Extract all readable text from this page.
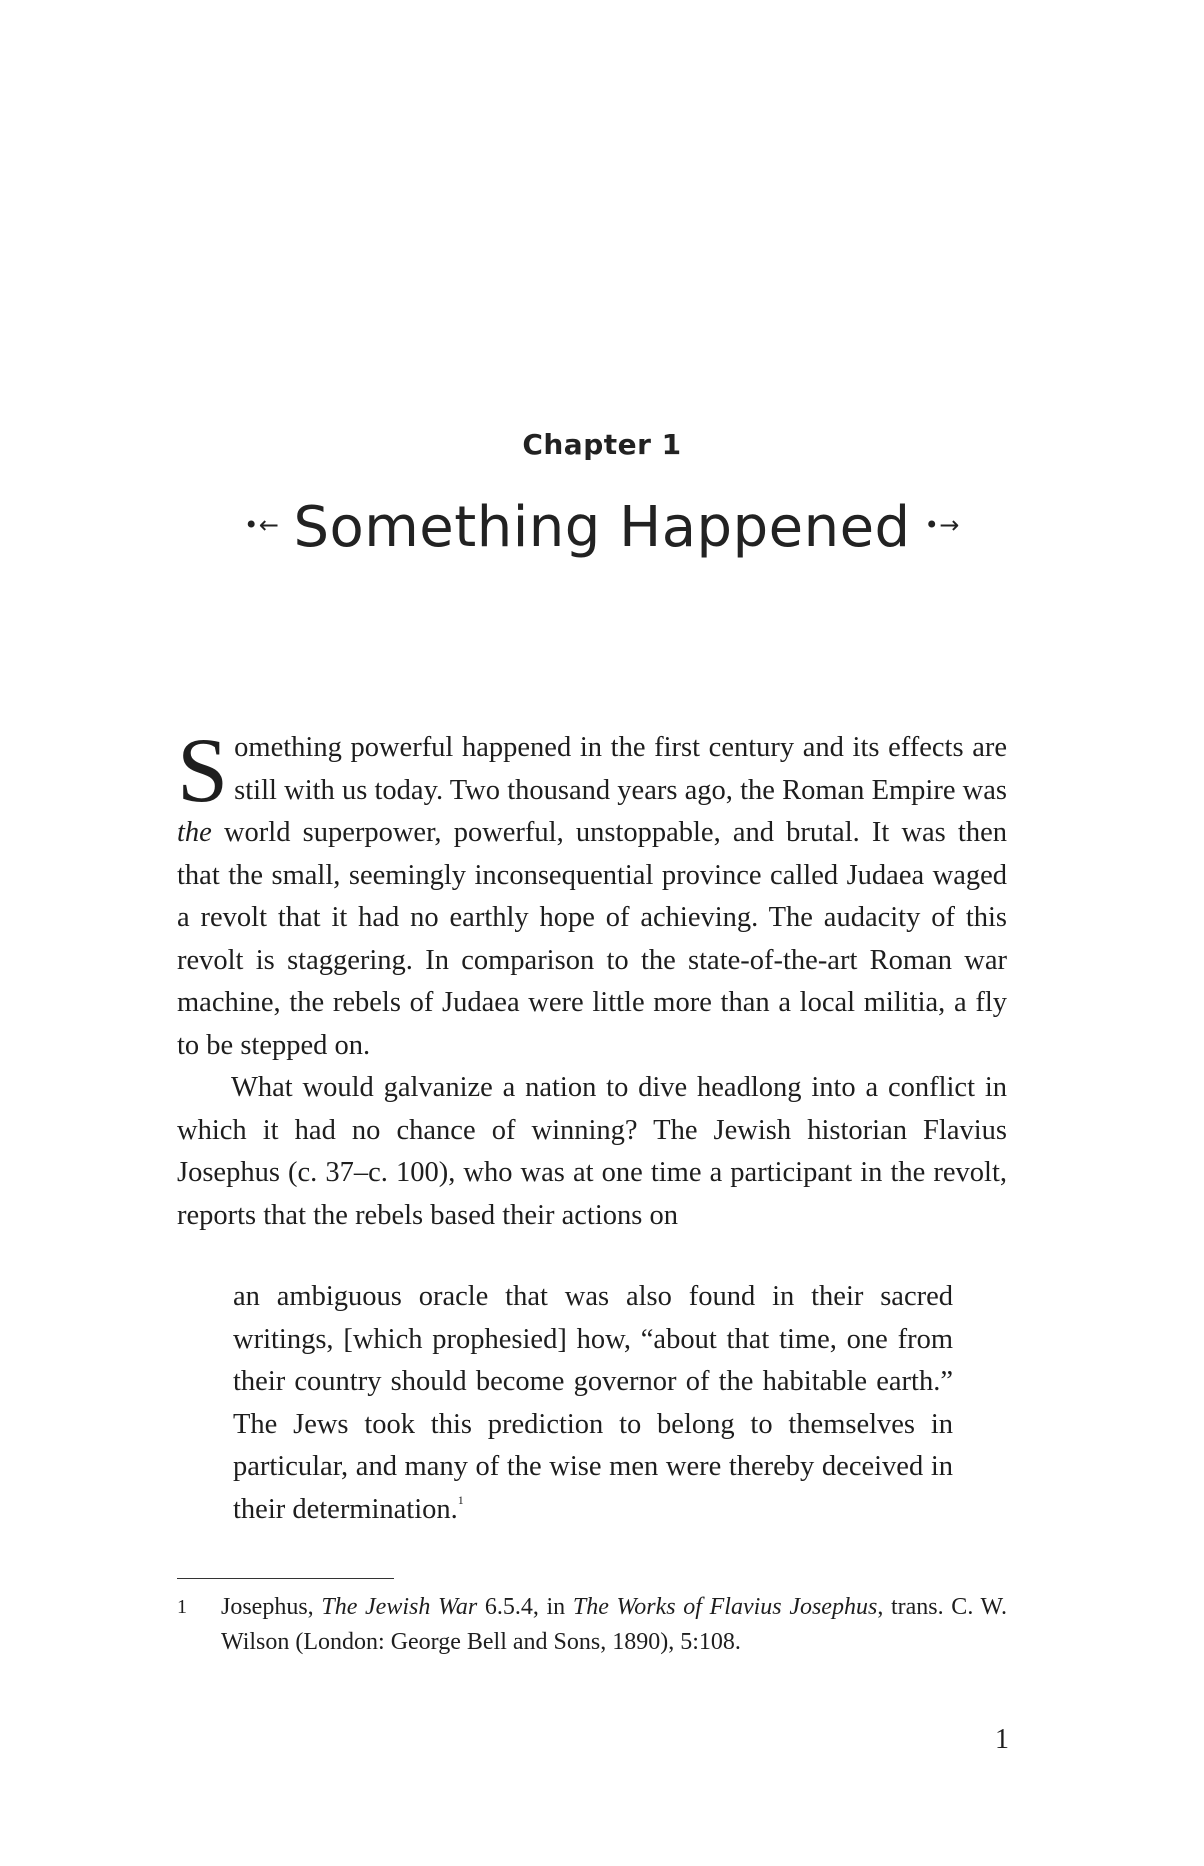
Chapter 1
•← Something Happened •→

Something powerful happened in the first century and its effects are still with us today. Two thousand years ago, the Roman Empire was the world superpower, powerful, unstoppable, and brutal. It was then that the small, seemingly inconsequential province called Judaea waged a revolt that it had no earthly hope of achieving. The audacity of this revolt is staggering. In comparison to the state-of-the-art Roman war machine, the rebels of Judaea were little more than a local militia, a fly to be stepped on.

What would galvanize a nation to dive headlong into a conflict in which it had no chance of winning? The Jewish historian Flavius Josephus (c. 37–c. 100), who was at one time a participant in the revolt, reports that the rebels based their actions on

an ambiguous oracle that was also found in their sacred writings, [which prophesied] how, “about that time, one from their country should become governor of the habitable earth.” The Jews took this prediction to belong to themselves in particular, and many of the wise men were thereby deceived in their determination.$^1$

1	Josephus, The Jewish War 6.5.4, in The Works of Flavius Josephus, trans. C. W. Wilson (London: George Bell and Sons, 1890), 5:108.
1
